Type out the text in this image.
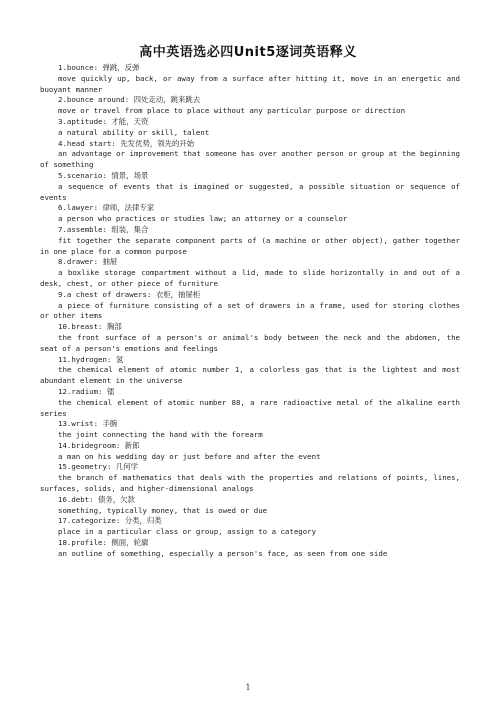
高中英语选必四Unit5逐词英语释义
1.bounce: 弹跳，反弹
move quickly up, back, or away from a surface after hitting it, move in an energetic and buoyant manner
2.bounce around: 四处走动，跳来跳去
move or travel from place to place without any particular purpose or direction
3.aptitude: 才能，天资
a natural ability or skill, talent
4.head start: 先发优势，领先的开始
an advantage or improvement that someone has over another person or group at the beginning of something
5.scenario: 情景，场景
a sequence of events that is imagined or suggested, a possible situation or sequence of events
6.lawyer: 律师，法律专家
a person who practices or studies law; an attorney or a counselor
7.assemble: 组装，集合
fit together the separate component parts of (a machine or other object), gather together in one place for a common purpose
8.drawer: 抽屉
a boxlike storage compartment without a lid, made to slide horizontally in and out of a desk, chest, or other piece of furniture
9.a chest of drawers: 衣柜，抽屉柜
a piece of furniture consisting of a set of drawers in a frame, used for storing clothes or other items
10.breast: 胸部
the front surface of a person's or animal's body between the neck and the abdomen, the seat of a person's emotions and feelings
11.hydrogen: 氢
the chemical element of atomic number 1, a colorless gas that is the lightest and most abundant element in the universe
12.radium: 镭
the chemical element of atomic number 88, a rare radioactive metal of the alkaline earth series
13.wrist: 手腕
the joint connecting the hand with the forearm
14.bridegroom: 新郎
a man on his wedding day or just before and after the event
15.geometry: 几何学
the branch of mathematics that deals with the properties and relations of points, lines, surfaces, solids, and higher-dimensional analogs
16.debt: 债务，欠款
something, typically money, that is owed or due
17.categorize: 分类，归类
place in a particular class or group, assign to a category
18.profile: 侧面，轮廓
an outline of something, especially a person's face, as seen from one side
1
